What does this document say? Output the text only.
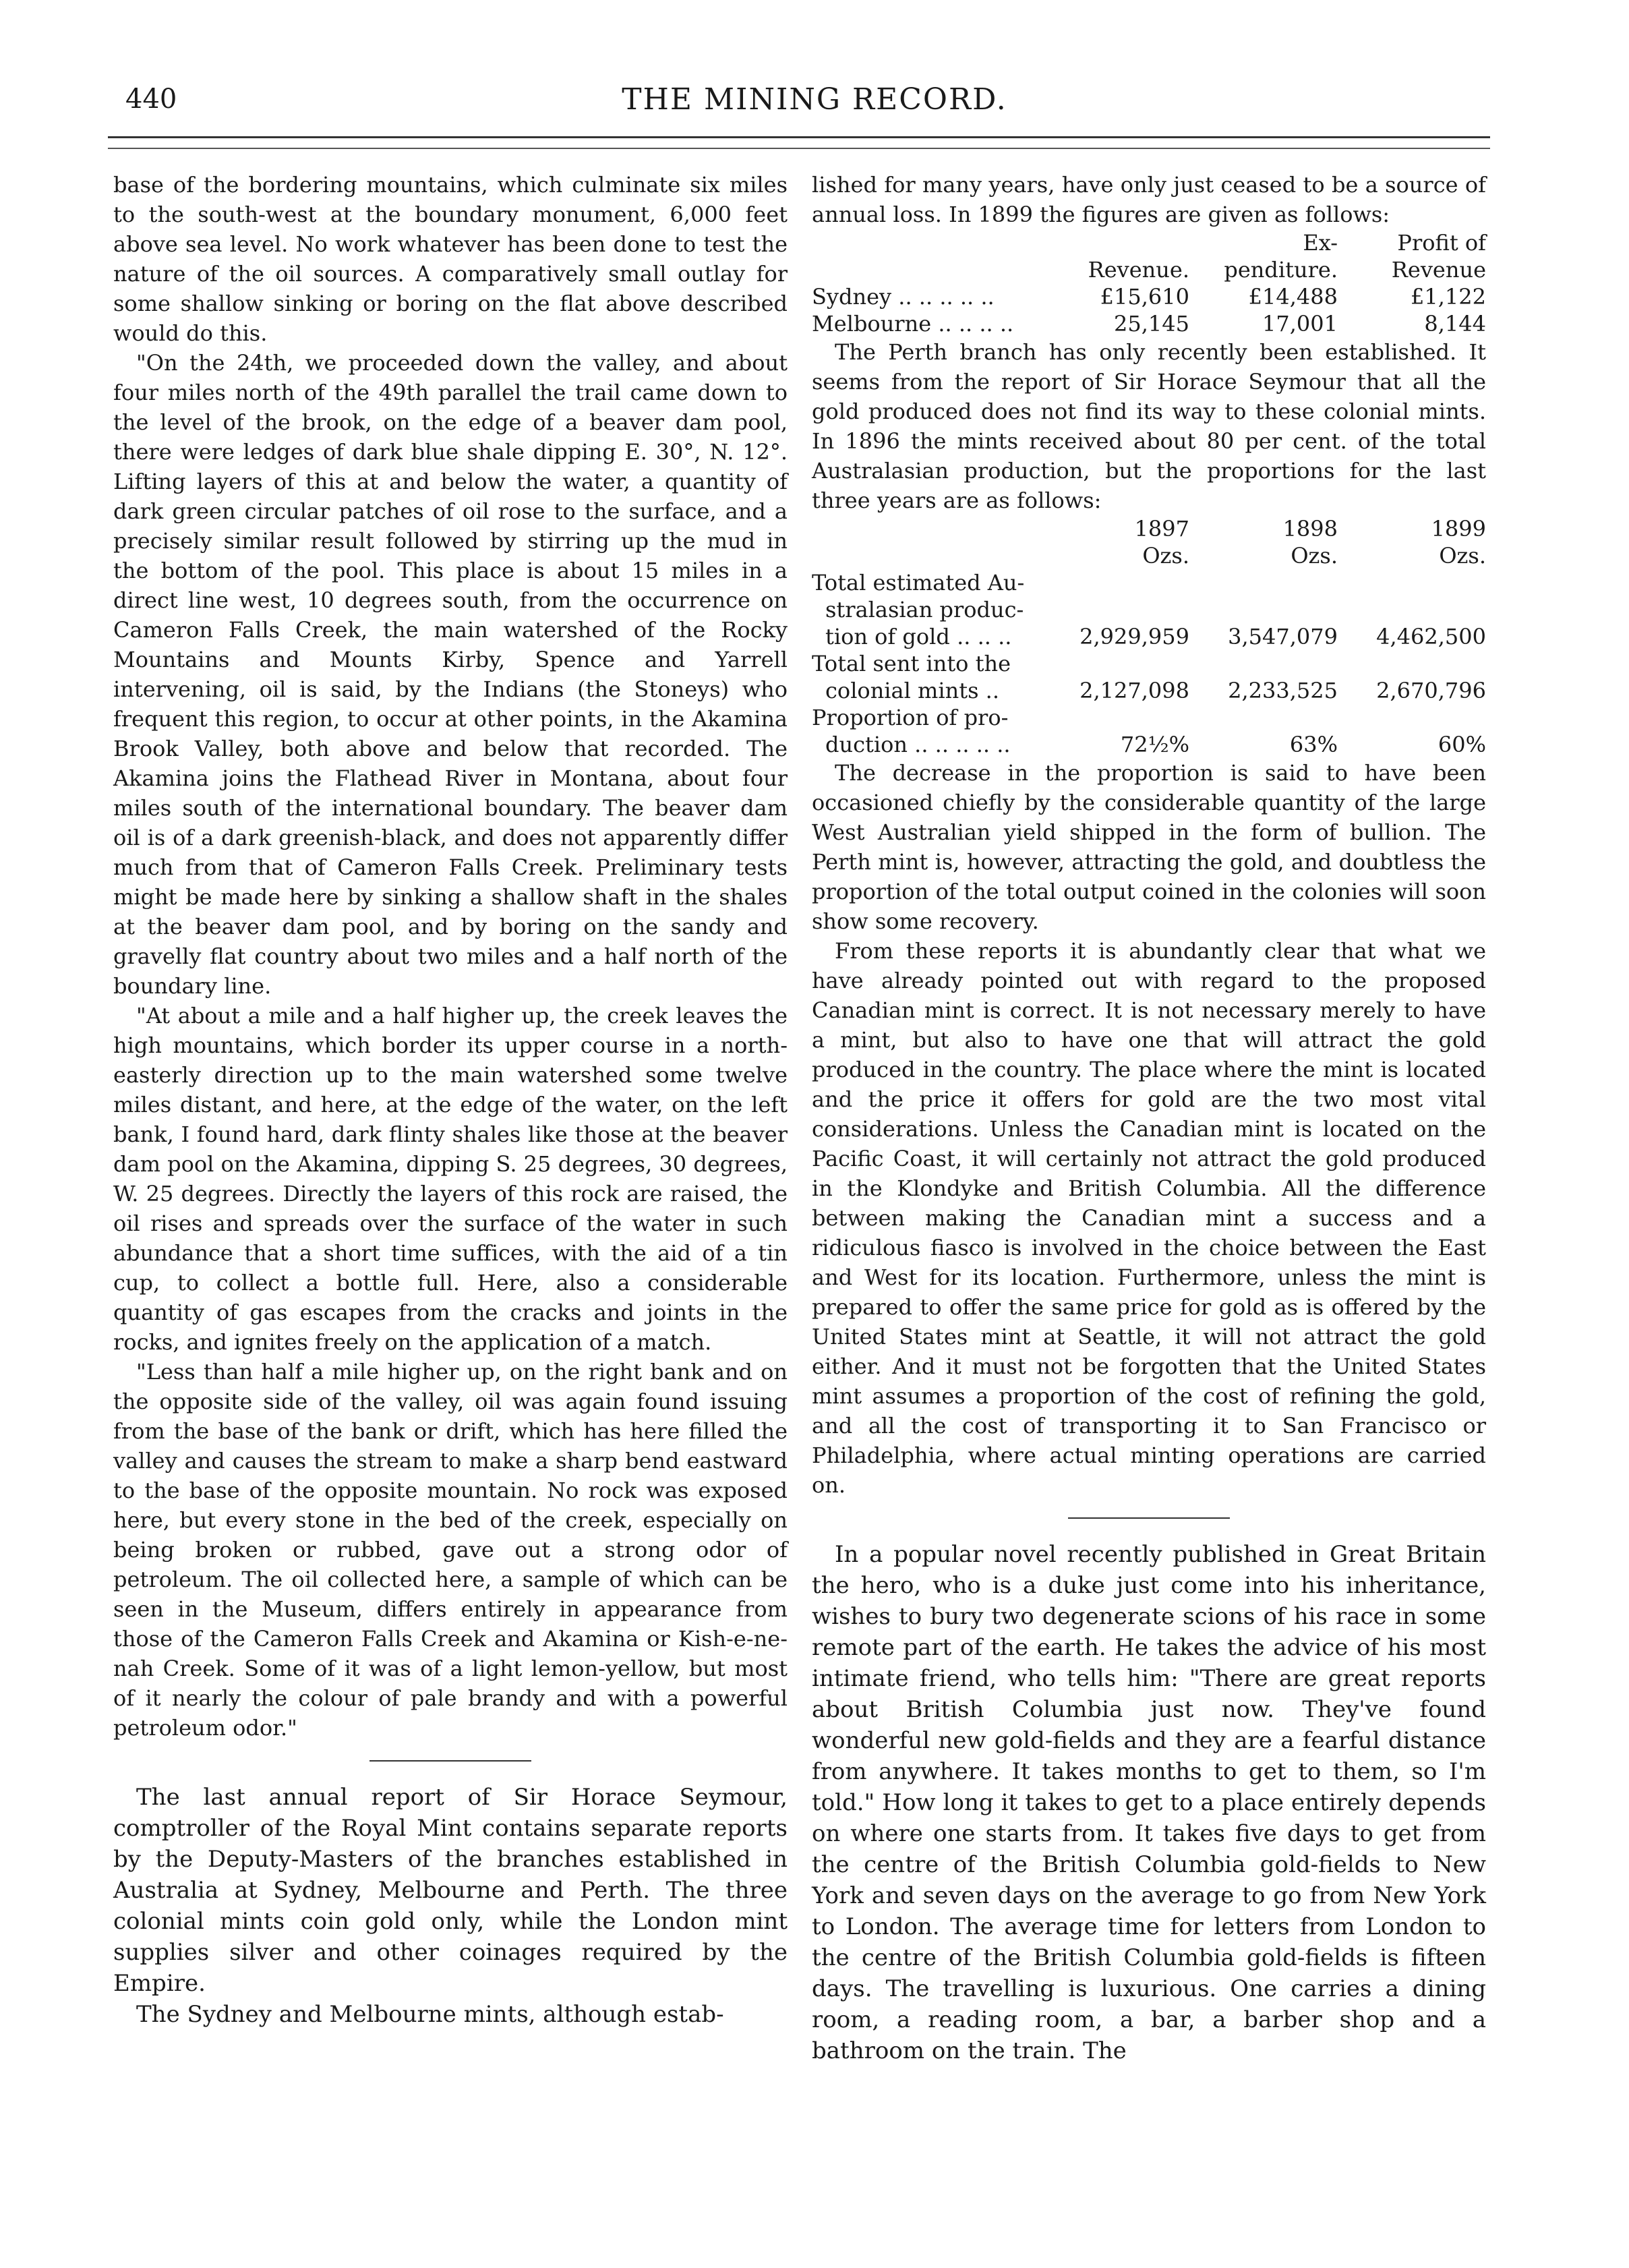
440	THE MINING RECORD.

base of the bordering mountains, which culminate six miles to the south-west at the boundary monument, 6,000 feet above sea level. No work whatever has been done to test the nature of the oil sources. A comparatively small outlay for some shallow sinking or boring on the flat above described would do this.

"On the 24th, we proceeded down the valley, and about four miles north of the 49th parallel the trail came down to the level of the brook, on the edge of a beaver dam pool, there were ledges of dark blue shale dipping E. 30°, N. 12°. Lifting layers of this at and below the water, a quantity of dark green circular patches of oil rose to the surface, and a precisely similar result followed by stirring up the mud in the bottom of the pool. This place is about 15 miles in a direct line west, 10 degrees south, from the occurrence on Cameron Falls Creek, the main watershed of the Rocky Mountains and Mounts Kirby, Spence and Yarrell intervening, oil is said, by the Indians (the Stoneys) who frequent this region, to occur at other points, in the Akamina Brook Valley, both above and below that recorded. The Akamina joins the Flathead River in Montana, about four miles south of the international boundary. The beaver dam oil is of a dark greenish-black, and does not apparently differ much from that of Cameron Falls Creek. Preliminary tests might be made here by sinking a shallow shaft in the shales at the beaver dam pool, and by boring on the sandy and gravelly flat country about two miles and a half north of the boundary line.

"At about a mile and a half higher up, the creek leaves the high mountains, which border its upper course in a north-easterly direction up to the main watershed some twelve miles distant, and here, at the edge of the water, on the left bank, I found hard, dark flinty shales like those at the beaver dam pool on the Akamina, dipping S. 25 degrees, 30 degrees, W. 25 degrees. Directly the layers of this rock are raised, the oil rises and spreads over the surface of the water in such abundance that a short time suffices, with the aid of a tin cup, to collect a bottle full. Here, also a considerable quantity of gas escapes from the cracks and joints in the rocks, and ignites freely on the application of a match.

"Less than half a mile higher up, on the right bank and on the opposite side of the valley, oil was again found issuing from the base of the bank or drift, which has here filled the valley and causes the stream to make a sharp bend eastward to the base of the opposite mountain. No rock was exposed here, but every stone in the bed of the creek, especially on being broken or rubbed, gave out a strong odor of petroleum. The oil collected here, a sample of which can be seen in the Museum, differs entirely in appearance from those of the Cameron Falls Creek and Akamina or Kish-e-ne-nah Creek. Some of it was of a light lemon-yellow, but most of it nearly the colour of pale brandy and with a powerful petroleum odor."

The last annual report of Sir Horace Seymour, comptroller of the Royal Mint contains separate reports by the Deputy-Masters of the branches established in Australia at Sydney, Melbourne and Perth. The three colonial mints coin gold only, while the London mint supplies silver and other coinages required by the Empire.

The Sydney and Melbourne mints, although estab-

lished for many years, have only just ceased to be a source of annual loss. In 1899 the figures are given as follows:

		Ex-	Profit of
	Revenue.	penditure.	Revenue
Sydney .. .. .. .. ..	£15,610	£14,488	£1,122
Melbourne .. .. .. ..	25,145	17,001	8,144

The Perth branch has only recently been established. It seems from the report of Sir Horace Seymour that all the gold produced does not find its way to these colonial mints. In 1896 the mints received about 80 per cent. of the total Australasian production, but the proportions for the last three years are as follows:

	1897	1898	1899
	Ozs.	Ozs.	Ozs.
Total estimated Au-			
stralasian produc-			
tion of gold .. .. ..	2,929,959	3,547,079	4,462,500
Total sent into the			
colonial mints ..	2,127,098	2,233,525	2,670,796
Proportion of pro-			
duction .. .. .. .. ..	72½%	63%	60%

The decrease in the proportion is said to have been occasioned chiefly by the considerable quantity of the large West Australian yield shipped in the form of bullion. The Perth mint is, however, attracting the gold, and doubtless the proportion of the total output coined in the colonies will soon show some recovery.

From these reports it is abundantly clear that what we have already pointed out with regard to the proposed Canadian mint is correct. It is not necessary merely to have a mint, but also to have one that will attract the gold produced in the country. The place where the mint is located and the price it offers for gold are the two most vital considerations. Unless the Canadian mint is located on the Pacific Coast, it will certainly not attract the gold produced in the Klondyke and British Columbia. All the difference between making the Canadian mint a success and a ridiculous fiasco is involved in the choice between the East and West for its location. Furthermore, unless the mint is prepared to offer the same price for gold as is offered by the United States mint at Seattle, it will not attract the gold either. And it must not be forgotten that the United States mint assumes a proportion of the cost of refining the gold, and all the cost of transporting it to San Francisco or Philadelphia, where actual minting operations are carried on.

In a popular novel recently published in Great Britain the hero, who is a duke just come into his inheritance, wishes to bury two degenerate scions of his race in some remote part of the earth. He takes the advice of his most intimate friend, who tells him: "There are great reports about British Columbia just now. They've found wonderful new gold-fields and they are a fearful distance from anywhere. It takes months to get to them, so I'm told." How long it takes to get to a place entirely depends on where one starts from. It takes five days to get from the centre of the British Columbia gold-fields to New York and seven days on the average to go from New York to London. The average time for letters from London to the centre of the British Columbia gold-fields is fifteen days. The travelling is luxurious. One carries a dining room, a reading room, a bar, a barber shop and a bathroom on the train. The
